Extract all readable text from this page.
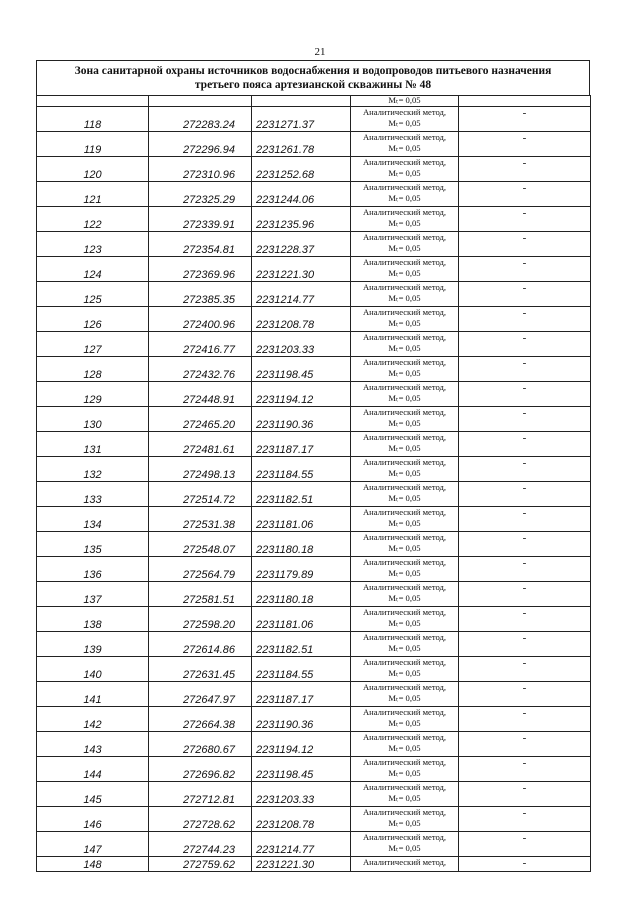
21
Зона санитарной охраны источников водоснабжения и водопроводов питьевого назначения
третьего пояса артезианской скважины № 48

			Мₜ= 0,05	

118	272283.24	2231271.37	Аналитический метод,
Мₜ= 0,05	-
119	272296.94	2231261.78	Аналитический метод,
Мₜ= 0,05	-
120	272310.96	2231252.68	Аналитический метод,
Мₜ= 0,05	-
121	272325.29	2231244.06	Аналитический метод,
Мₜ= 0,05	-
122	272339.91	2231235.96	Аналитический метод,
Мₜ= 0,05	-
123	272354.81	2231228.37	Аналитический метод,
Мₜ= 0,05	-
124	272369.96	2231221.30	Аналитический метод,
Мₜ= 0,05	-
125	272385.35	2231214.77	Аналитический метод,
Мₜ= 0,05	-
126	272400.96	2231208.78	Аналитический метод,
Мₜ= 0,05	-
127	272416.77	2231203.33	Аналитический метод,
Мₜ= 0,05	-
128	272432.76	2231198.45	Аналитический метод,
Мₜ= 0,05	-
129	272448.91	2231194.12	Аналитический метод,
Мₜ= 0,05	-
130	272465.20	2231190.36	Аналитический метод,
Мₜ= 0,05	-
131	272481.61	2231187.17	Аналитический метод,
Мₜ= 0,05	-
132	272498.13	2231184.55	Аналитический метод,
Мₜ= 0,05	-
133	272514.72	2231182.51	Аналитический метод,
Мₜ= 0,05	-
134	272531.38	2231181.06	Аналитический метод,
Мₜ= 0,05	-
135	272548.07	2231180.18	Аналитический метод,
Мₜ= 0,05	-
136	272564.79	2231179.89	Аналитический метод,
Мₜ= 0,05	-
137	272581.51	2231180.18	Аналитический метод,
Мₜ= 0,05	-
138	272598.20	2231181.06	Аналитический метод,
Мₜ= 0,05	-
139	272614.86	2231182.51	Аналитический метод,
Мₜ= 0,05	-
140	272631.45	2231184.55	Аналитический метод,
Мₜ= 0,05	-
141	272647.97	2231187.17	Аналитический метод,
Мₜ= 0,05	-
142	272664.38	2231190.36	Аналитический метод,
Мₜ= 0,05	-
143	272680.67	2231194.12	Аналитический метод,
Мₜ= 0,05	-
144	272696.82	2231198.45	Аналитический метод,
Мₜ= 0,05	-
145	272712.81	2231203.33	Аналитический метод,
Мₜ= 0,05	-
146	272728.62	2231208.78	Аналитический метод,
Мₜ= 0,05	-
147	272744.23	2231214.77	Аналитический метод,
Мₜ= 0,05	-
148	272759.62	2231221.30	Аналитический метод,	-
